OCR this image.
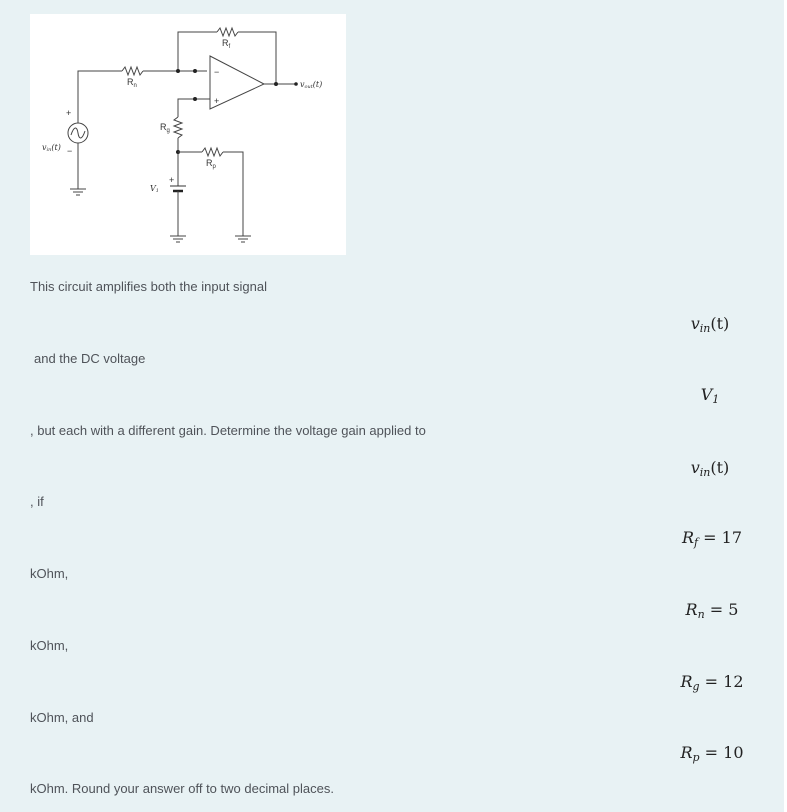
$R_f$
$R_n$
−
+
vout(t)
$R_g$
$R_p$
+
V1
+
−
vin(t)
This circuit amplifies both the input signal
$v_{in}(t)$
and the DC voltage
$V_1$
, but each with a different gain. Determine the voltage gain applied to
$v_{in}(t)$
, if
$R_f = 17$
kOhm,
$R_n = 5$
kOhm,
$R_g = 12$
kOhm, and
$R_p = 10$
kOhm. Round your answer off to two decimal places.
